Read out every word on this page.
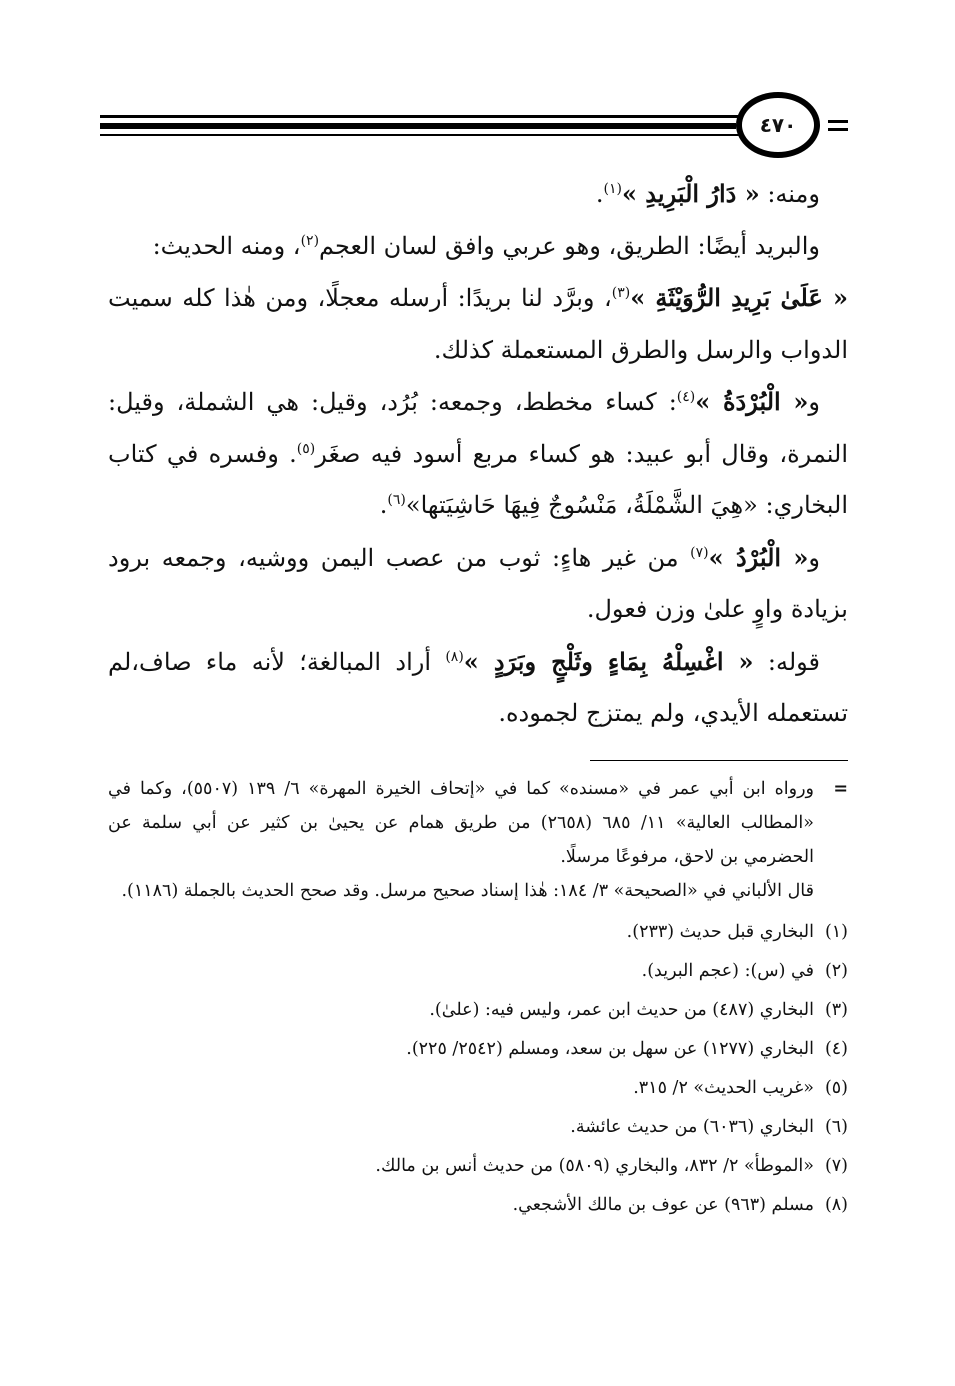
٤٧٠

ومنه: « دَارُ الْبَرِيدِ »$^{(١)}$.

والبريد أيضًا: الطريق، وهو عربي وافق لسان العجم$^{(٢)}$، ومنه الحديث:

« عَلَىٰ بَرِيدِ الرُّوَيْثَةِ »$^{(٣)}$، وبرَّد لنا بريدًا: أرسله معجلًا، ومن هٰذا كله سميت الدواب والرسل والطرق المستعملة كذلك.

و« الْبُرْدَةُ »$^{(٤)}$: كساء مخطط، وجمعه: بُرُد، وقيل: هي الشملة، وقيل: النمرة، وقال أبو عبيد: هو كساء مربع أسود فيه صغَر$^{(٥)}$. وفسره في كتاب البخاري: «هِيَ الشَّمْلَةُ، مَنْسُوجٌ فِيهَا حَاشِيَتها»$^{(٦)}$.

و« الْبُرْدُ »$^{(٧)}$ من غير هاءٍ: ثوب من عصب اليمن ووشيه، وجمعه برود بزيادة واوٍ علىٰ وزن فعول.

قوله: « اغْسِلْهُ بِمَاءٍ وثَلْجٍ وبَرَدٍ »$^{(٨)}$ أراد المبالغة؛ لأنه ماء صاف،لم تستعمله الأيدي، ولم يمتزج لجموده.

=

ورواه ابن أبي عمر في «مسنده» كما في «إتحاف الخيرة المهرة» ٦/ ١٣٩ (٥٥٠٧)، وكما في «المطالب العالية» ١١/ ٦٨٥ (٢٦٥٨) من طريق همام عن يحيىٰ بن كثير عن أبي سلمة عن الحضرمي بن لاحق، مرفوعًا مرسلًا.

قال الألباني في «الصحيحة» ٣/ ١٨٤: هٰذا إسناد صحيح مرسل. وقد صحح الحديث بالجملة (١١٨٦).

(١)
البخاري قبل حديث (٢٣٣).
(٢)
في (س): (عجم البريد).
(٣)
البخاري (٤٨٧) من حديث ابن عمر، وليس فيه: (علىٰ).
(٤)
البخاري (١٢٧٧) عن سهل بن سعد، ومسلم (٢٥٤٢/ ٢٢٥).
(٥)
«غريب الحديث» ٢/ ٣١٥.
(٦)
البخاري (٦٠٣٦) من حديث عائشة.
(٧)
«الموطأ» ٢/ ٨٣٢، والبخاري (٥٨٠٩) من حديث أنس بن مالك.
(٨)
مسلم (٩٦٣) عن عوف بن مالك الأشجعي.
